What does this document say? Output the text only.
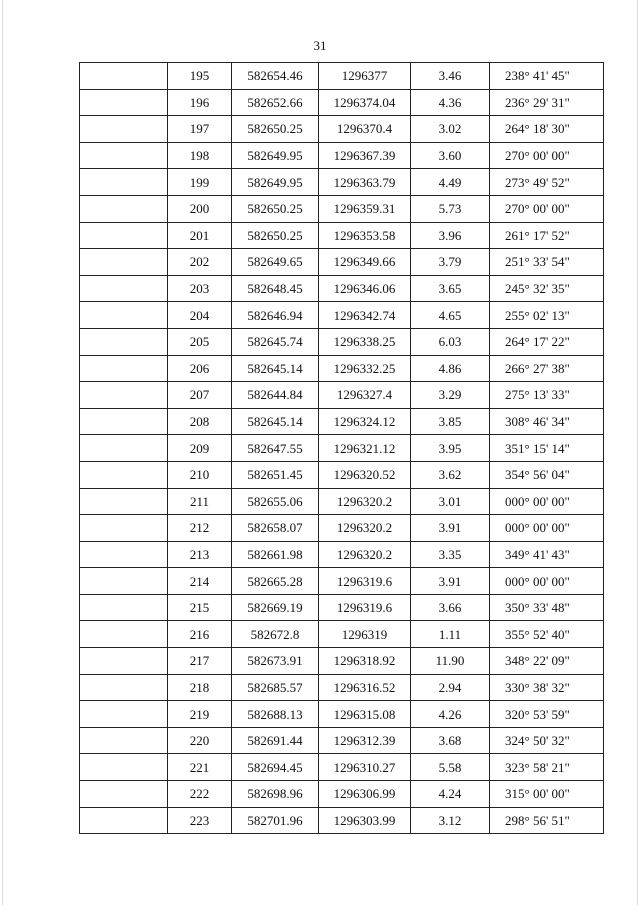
31
	195	582654.46	1296377	3.46	238° 41' 45"
	196	582652.66	1296374.04	4.36	236° 29' 31"
	197	582650.25	1296370.4	3.02	264° 18' 30"
	198	582649.95	1296367.39	3.60	270° 00' 00"
	199	582649.95	1296363.79	4.49	273° 49' 52"
	200	582650.25	1296359.31	5.73	270° 00' 00"
	201	582650.25	1296353.58	3.96	261° 17' 52"
	202	582649.65	1296349.66	3.79	251° 33' 54"
	203	582648.45	1296346.06	3.65	245° 32' 35"
	204	582646.94	1296342.74	4.65	255° 02' 13"
	205	582645.74	1296338.25	6.03	264° 17' 22"
	206	582645.14	1296332.25	4.86	266° 27' 38"
	207	582644.84	1296327.4	3.29	275° 13' 33"
	208	582645.14	1296324.12	3.85	308° 46' 34"
	209	582647.55	1296321.12	3.95	351° 15' 14"
	210	582651.45	1296320.52	3.62	354° 56' 04"
	211	582655.06	1296320.2	3.01	000° 00' 00"
	212	582658.07	1296320.2	3.91	000° 00' 00"
	213	582661.98	1296320.2	3.35	349° 41' 43"
	214	582665.28	1296319.6	3.91	000° 00' 00"
	215	582669.19	1296319.6	3.66	350° 33' 48"
	216	582672.8	1296319	1.11	355° 52' 40"
	217	582673.91	1296318.92	11.90	348° 22' 09"
	218	582685.57	1296316.52	2.94	330° 38' 32"
	219	582688.13	1296315.08	4.26	320° 53' 59"
	220	582691.44	1296312.39	3.68	324° 50' 32"
	221	582694.45	1296310.27	5.58	323° 58' 21"
	222	582698.96	1296306.99	4.24	315° 00' 00"
	223	582701.96	1296303.99	3.12	298° 56' 51"
